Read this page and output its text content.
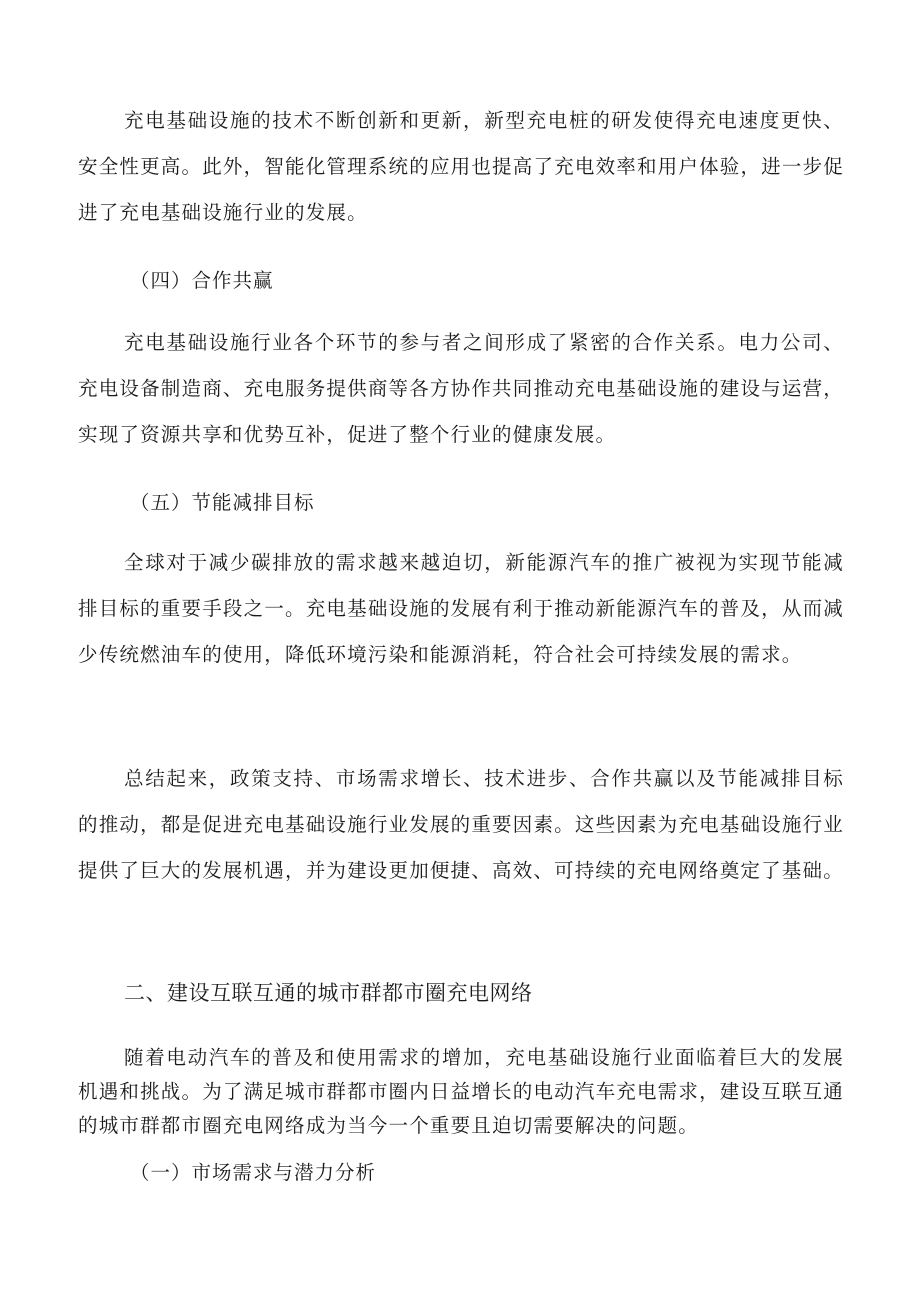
充电基础设施的技术不断创新和更新，新型充电桩的研发使得充电速度更快、安全性更高。此外，智能化管理系统的应用也提高了充电效率和用户体验，进一步促进了充电基础设施行业的发展。

（四）合作共赢

充电基础设施行业各个环节的参与者之间形成了紧密的合作关系。电力公司、充电设备制造商、充电服务提供商等各方协作共同推动充电基础设施的建设与运营，实现了资源共享和优势互补，促进了整个行业的健康发展。

（五）节能减排目标

全球对于减少碳排放的需求越来越迫切，新能源汽车的推广被视为实现节能减排目标的重要手段之一。充电基础设施的发展有利于推动新能源汽车的普及，从而减少传统燃油车的使用，降低环境污染和能源消耗，符合社会可持续发展的需求。

总结起来，政策支持、市场需求增长、技术进步、合作共赢以及节能减排目标的推动，都是促进充电基础设施行业发展的重要因素。这些因素为充电基础设施行业提供了巨大的发展机遇，并为建设更加便捷、高效、可持续的充电网络奠定了基础。

二、建设互联互通的城市群都市圈充电网络

随着电动汽车的普及和使用需求的增加，充电基础设施行业面临着巨大的发展机遇和挑战。为了满足城市群都市圈内日益增长的电动汽车充电需求，建设互联互通的城市群都市圈充电网络成为当今一个重要且迫切需要解决的问题。

（一）市场需求与潜力分析
